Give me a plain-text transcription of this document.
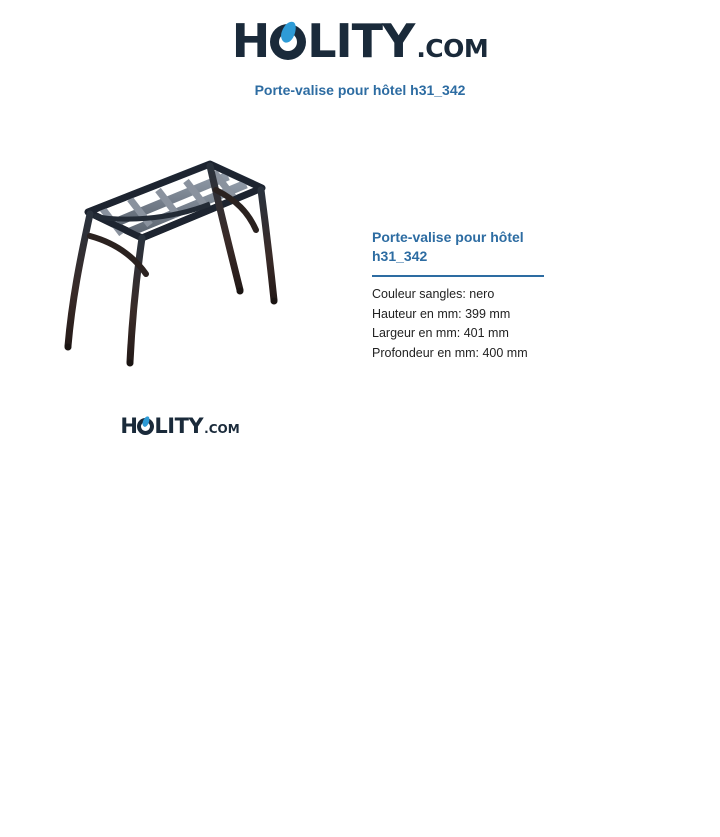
H LITY .COM
Porte-valise pour hôtel h31_342
H LITY .COM
Porte-valise pour hôtel
h31_342
Couleur sangles: nero
Hauteur en mm: 399 mm
Largeur en mm: 401 mm
Profondeur en mm: 400 mm
